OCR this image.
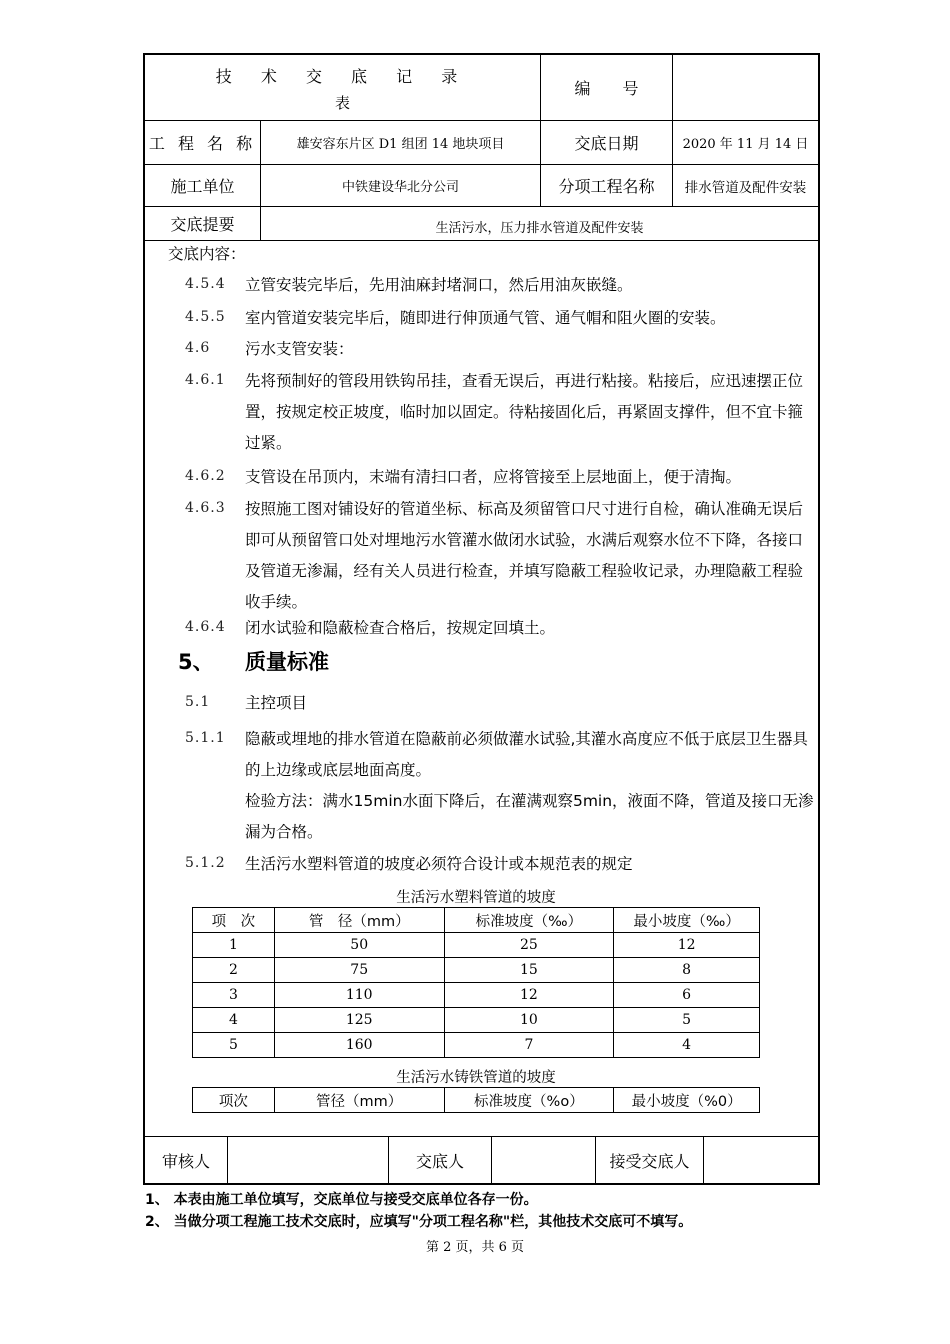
技 术 交 底 记 录
表
编　　号
工 程 名 称	雄安容东片区 D1 组团 14 地块项目	交底日期	2020 年 11 月 14 日
施工单位	中铁建设华北分公司	分项工程名称	排水管道及配件安装
交底提要	生活污水，压力排水管道及配件安装
交底内容：
4.5.4 立管安装完毕后，先用油麻封堵洞口，然后用油灰嵌缝。
4.5.5 室内管道安装完毕后，随即进行伸顶通气管、通气帽和阻火圈的安装。
4.6 污水支管安装：
4.6.1 先将预制好的管段用铁钩吊挂，查看无误后，再进行粘接。粘接后，应迅速摆正位置，按规定校正坡度，临时加以固定。待粘接固化后，再紧固支撑件，但不宜卡箍过紧。
4.6.2 支管设在吊顶内，末端有清扫口者，应将管接至上层地面上，便于清掏。
4.6.3 按照施工图对铺设好的管道坐标、标高及须留管口尺寸进行自检，确认准确无误后即可从预留管口处对埋地污水管灌水做闭水试验，水满后观察水位不下降，各接口及管道无渗漏，经有关人员进行检查，并填写隐蔽工程验收记录，办理隐蔽工程验收手续。
4.6.4 闭水试验和隐蔽检查合格后，按规定回填土。
5、 质量标准
5.1 主控项目
5.1.1 隐蔽或埋地的排水管道在隐蔽前必须做灌水试验,其灌水高度应不低于底层卫生器具的上边缘或底层地面高度。
检验方法：满水15min水面下降后，在灌满观察5min，液面不降，管道及接口无渗漏为合格。
5.1.2 生活污水塑料管道的坡度必须符合设计或本规范表的规定
生活污水塑料管道的坡度
项　次	管　径（mm）	标准坡度（‰）	最小坡度（‰）
1	50	25	12
2	75	15	8
3	110	12	6
4	125	10	5
5	160	7	4
生活污水铸铁管道的坡度
项次	管径（mm）	标准坡度（%o）	最小坡度（%0）
审核人	交底人	接受交底人
1、 本表由施工单位填写，交底单位与接受交底单位各存一份。
2、 当做分项工程施工技术交底时，应填写"分项工程名称"栏，其他技术交底可不填写。
第 2 页，共 6 页
